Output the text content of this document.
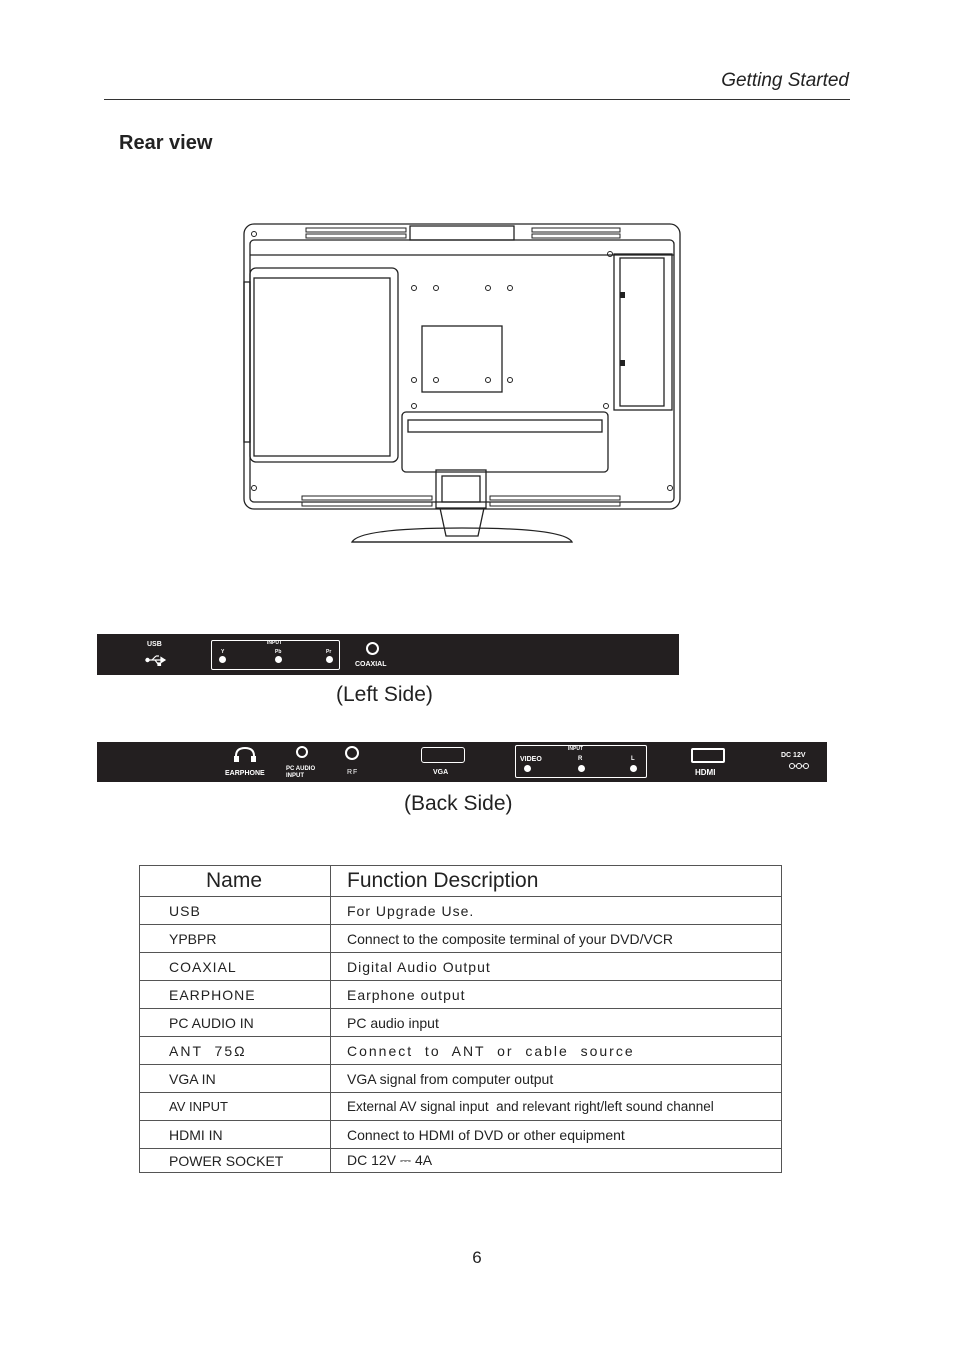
Getting Started
Rear view
USB	INPUT
Y	Pb	Pr
COAXIAL
(Left Side)
EARPHONE
PC AUDIO
INPUT	RF	VGA
INPUT
VIDEO	R	L
HDMI
DC 12V
(Back Side)
Name	Function Description
USB	For Upgrade Use.
YPBPR	Connect to the composite terminal of your DVD/VCR
COAXIAL	Digital Audio Output
EARPHONE	Earphone output
PC AUDIO IN	PC audio input
ANT  75Ω	Connect  to  ANT  or  cable  source
VGA IN	VGA signal from computer output
AV INPUT	External AV signal input  and relevant right/left sound channel
HDMI IN	Connect to HDMI of DVD or other equipment
POWER SOCKET	DC 12V ⎓ 4A
6
